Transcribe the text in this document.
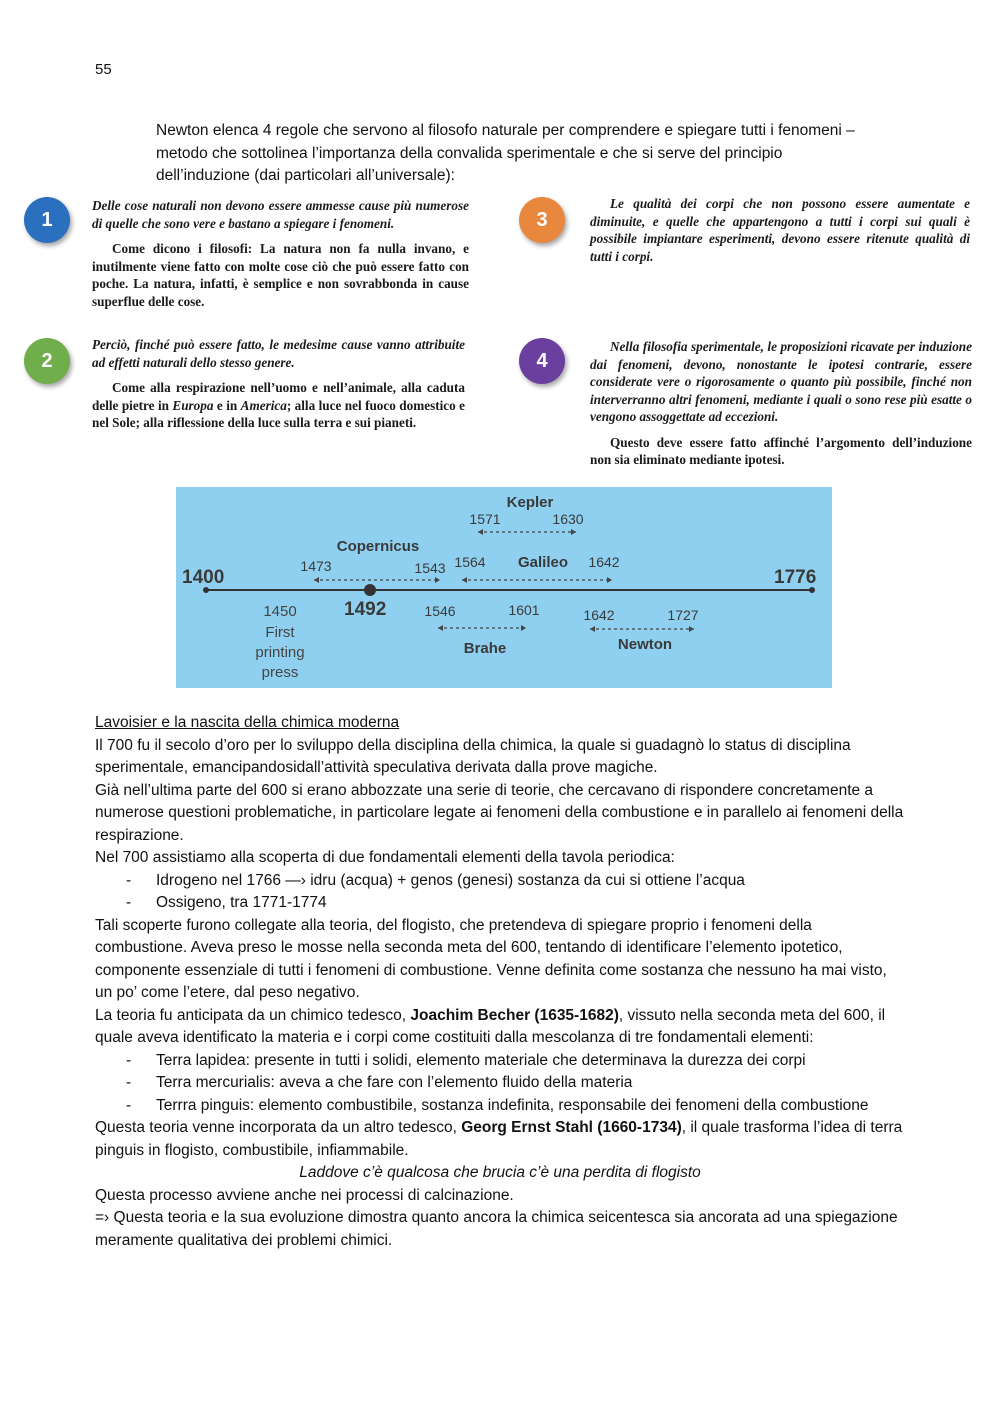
55
Newton elenca 4 regole che servono al filosofo naturale per comprendere e spiegare tutti i fenomeni – metodo che sottolinea l’importanza della convalida sperimentale e che si serve del principio dell’induzione (dai particolari all’universale):
1

Delle cose naturali non devono essere ammesse cause più numerose di quelle che sono vere e bastano a spiegare i fenomeni.

Come dicono i filosofi: La natura non fa nulla invano, e inutilmente viene fatto con molte cose ciò che può essere fatto con poche. La natura, infatti, è semplice e non sovrabbonda in cause superflue delle cose.

2

Perciò, finché può essere fatto, le medesime cause vanno attribuite ad effetti naturali dello stesso genere.

Come alla respirazione nell’uomo e nell’animale, alla caduta delle pietre in Europa e in America; alla luce nel fuoco domestico e nel Sole; alla riflessione della luce sulla terra e sui pianeti.

3

Le qualità dei corpi che non possono essere aumentate e diminuite, e quelle che appartengono a tutti i corpi sui quali è possibile impiantare esperimenti, devono essere ritenute qualità di tutti i corpi.

4

Nella filosofia sperimentale, le proposizioni ricavate per induzione dai fenomeni, devono, nonostante le ipotesi contrarie, essere considerate vere o rigorosamente o quanto più possibile, finché non interverranno altri fenomeni, mediante i quali o sono rese più esatte o vengono assoggettate ad eccezioni.

Questo deve essere fatto affinché l’argomento dell’induzione non sia eliminato mediante ipotesi.

1400	1776
1492
1450
First
printing
press
Copernicus
1473	1543
Kepler
1571	1630
Galileo
1564	1642
1546	1601
Brahe
1642	1727
Newton

Lavoisier e la nascita della chimica moderna

Il 700 fu il secolo d’oro per lo sviluppo della disciplina della chimica, la quale si guadagnò lo status di disciplina sperimentale, emancipandosidall’attività speculativa derivata dalla prove magiche.

Già nell’ultima parte del 600 si erano abbozzate una serie di teorie, che cercavano di rispondere concretamente a numerose questioni problematiche, in particolare legate ai fenomeni della combustione e in parallelo ai fenomeni della respirazione.

Nel 700 assistiamo alla scoperta di due fondamentali elementi della tavola periodica:

- Idrogeno nel 1766 —› idru (acqua) + genos (genesi) sostanza da cui si ottiene l’acqua
- Ossigeno, tra 1771-1774

Tali scoperte furono collegate alla teoria, del flogisto, che pretendeva di spiegare proprio i fenomeni della combustione. Aveva preso le mosse nella seconda meta del 600, tentando di identificare l’elemento ipotetico, componente essenziale di tutti i fenomeni di combustione. Venne definita come sostanza che nessuno ha mai visto, un po’ come l’etere, dal peso negativo.

La teoria fu anticipata da un chimico tedesco, Joachim Becher (1635-1682), vissuto nella seconda meta del 600, il quale aveva identificato la materia e i corpi come costituiti dalla mescolanza di tre fondamentali elementi:

- Terra lapidea: presente in tutti i solidi, elemento materiale che determinava la durezza dei corpi
- Terra mercurialis: aveva a che fare con l’elemento fluido della materia
- Terrra pinguis: elemento combustibile, sostanza indefinita, responsabile dei fenomeni della combustione

Questa teoria venne incorporata da un altro tedesco, Georg Ernst Stahl (1660-1734), il quale trasforma l’idea di terra pinguis in flogisto, combustibile, infiammabile.

Laddove c’è qualcosa che brucia c’è una perdita di flogisto

Questa processo avviene anche nei processi di calcinazione.

=› Questa teoria e la sua evoluzione dimostra quanto ancora la chimica seicentesca sia ancorata ad una spiegazione meramente qualitativa dei problemi chimici.
